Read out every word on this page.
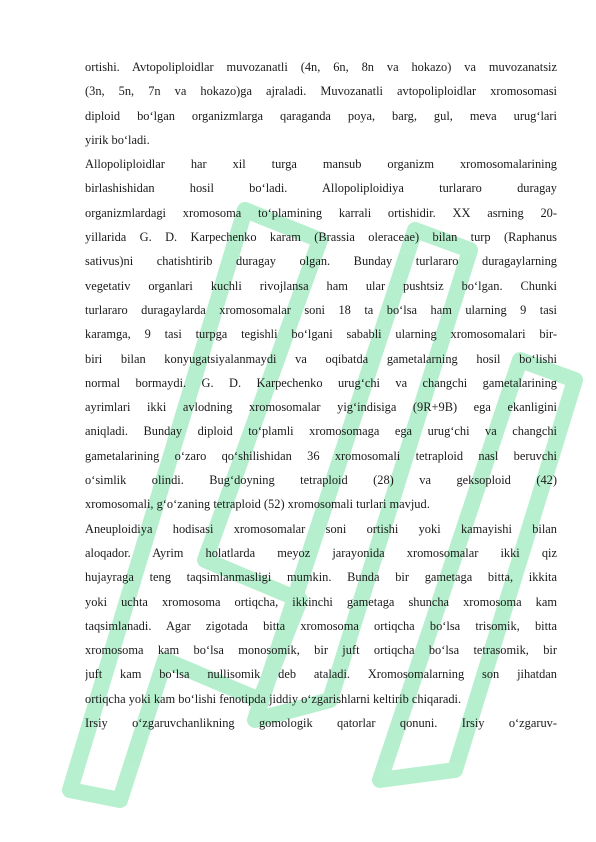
ortishi. Avtopoliploidlar muvozanatli (4n, 6n, 8n va hokazo) va muvozanatsiz
(3n, 5n, 7n va hokazo)ga ajraladi. Muvozanatli avtopoliploidlar xromosomasi
diploid bo‘lgan organizmlarga qaraganda poya, barg, gul, meva urug‘lari
yirik bo‘ladi.
Allopoliploidlar har xil turga mansub organizm xromosomalarining
birlashishidan hosil bo‘ladi. Allopoliploidiya turlararo duragay
organizmlardagi xromosoma to‘plamining karrali ortishidir. XX asrning 20-
yillarida G. D. Karpechenko karam (Brassia oleraceae) bilan turp (Raphanus
sativus)ni chatishtirib duragay olgan. Bunday turlararo duragaylarning
vegetativ organlari kuchli rivojlansa ham ular pushtsiz bo‘lgan. Chunki
turlararo duragaylarda xromosomalar soni 18 ta bo‘lsa ham ularning 9 tasi
karamga, 9 tasi turpga tegishli bo‘lgani sababli ularning xromosomalari bir-
biri bilan konyugatsiyalanmaydi va oqibatda gametalarning hosil bo‘lishi
normal bormaydi. G. D. Karpechenko urug‘chi va changchi gametalarining
ayrimlari ikki avlodning xromosomalar yig‘indisiga (9R+9B) ega ekanligini
aniqladi. Bunday diploid to‘plamli xromosomaga ega urug‘chi va changchi
gametalarining o‘zaro qo‘shilishidan 36 xromosomali tetraploid nasl beruvchi
o‘simlik olindi. Bug‘doyning tetraploid (28) va geksoploid (42)
xromosomali, g‘o‘zaning tetraploid (52) xromosomali turlari mavjud.
Aneuploidiya hodisasi xromosomalar soni ortishi yoki kamayishi bilan
aloqador. Ayrim holatlarda meyoz jarayonida xromosomalar ikki qiz
hujayraga teng taqsimlanmasligi mumkin. Bunda bir gametaga bitta, ikkita
yoki uchta xromosoma ortiqcha, ikkinchi gametaga shuncha xromosoma kam
taqsimlanadi. Agar zigotada bitta xromosoma ortiqcha bo‘lsa trisomik, bitta
xromosoma kam bo‘lsa monosomik, bir juft ortiqcha bo‘lsa tetrasomik, bir
juft kam bo‘lsa nullisomik deb ataladi. Xromosomalarning son jihatdan
ortiqcha yoki kam bo‘lishi fenotipda jiddiy o‘zgarishlarni keltirib chiqaradi.
Irsiy o‘zgaruvchanlikning gomologik qatorlar qonuni. Irsiy o‘zgaruv-
